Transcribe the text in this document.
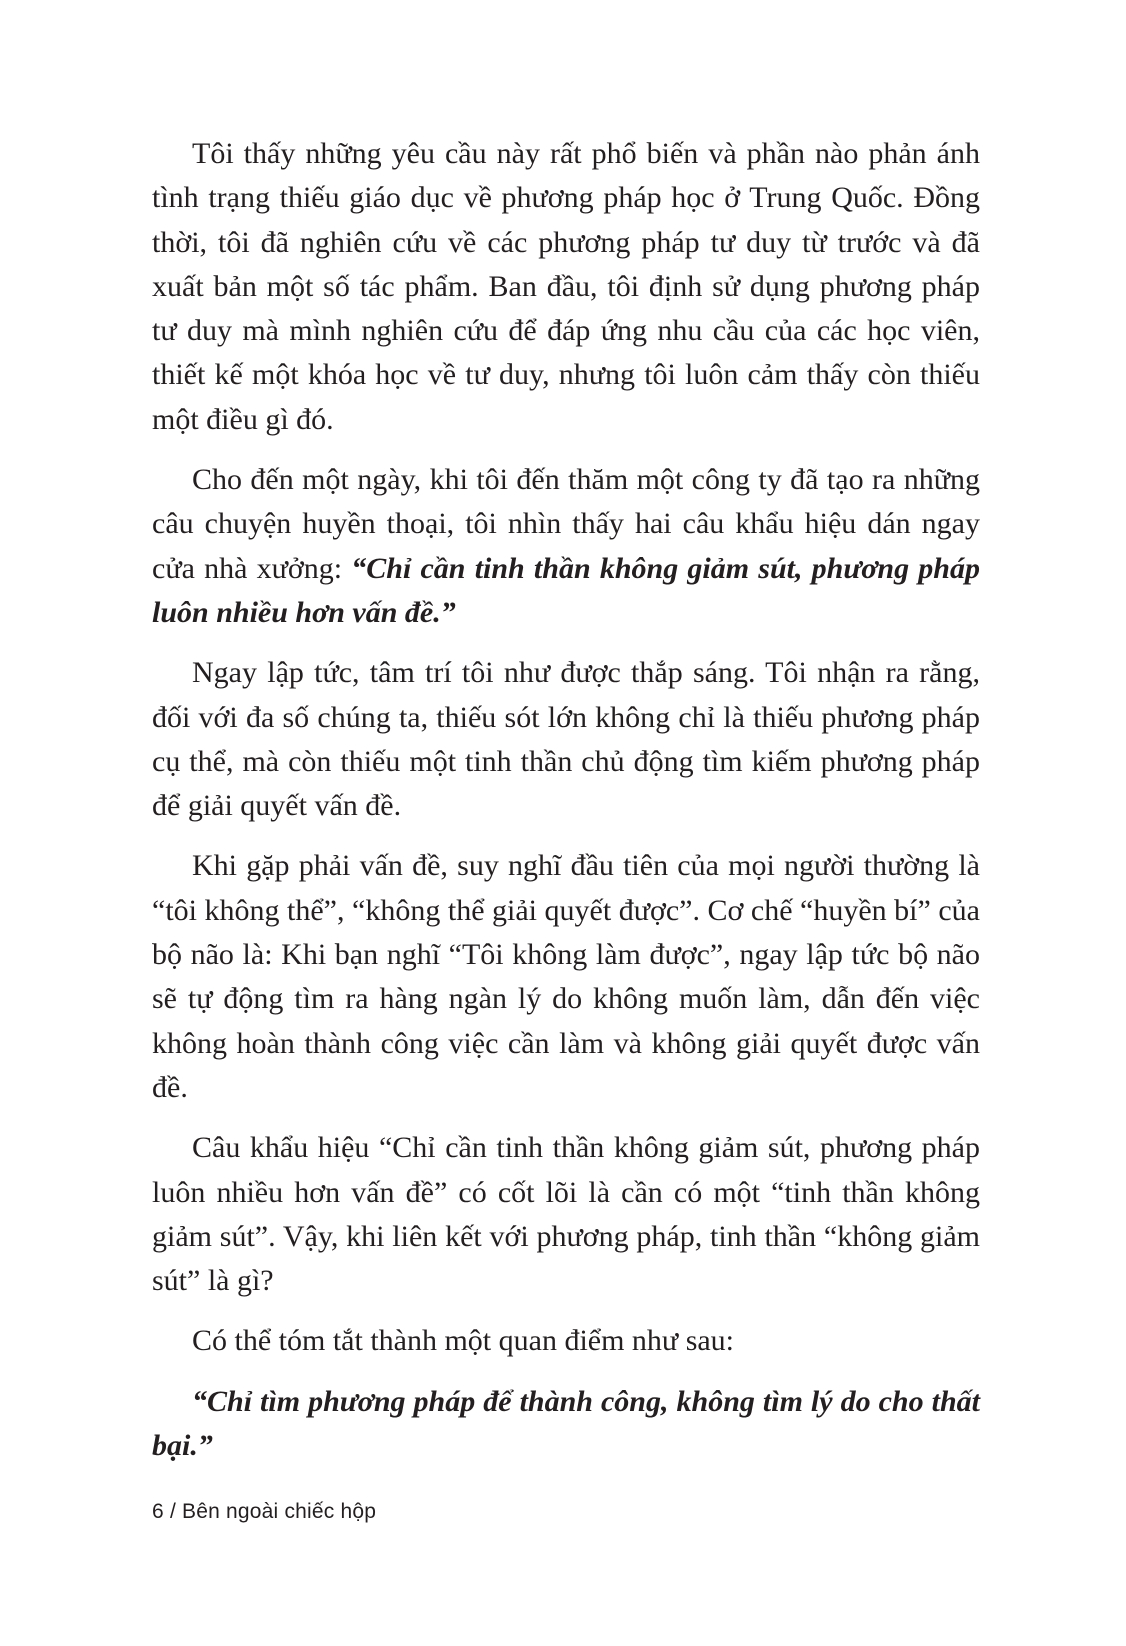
Tôi thấy những yêu cầu này rất phổ biến và phần nào phản ánh tình trạng thiếu giáo dục về phương pháp học ở Trung Quốc. Đồng thời, tôi đã nghiên cứu về các phương pháp tư duy từ trước và đã xuất bản một số tác phẩm. Ban đầu, tôi định sử dụng phương pháp tư duy mà mình nghiên cứu để đáp ứng nhu cầu của các học viên, thiết kế một khóa học về tư duy, nhưng tôi luôn cảm thấy còn thiếu một điều gì đó.

Cho đến một ngày, khi tôi đến thăm một công ty đã tạo ra những câu chuyện huyền thoại, tôi nhìn thấy hai câu khẩu hiệu dán ngay cửa nhà xưởng: “Chỉ cần tinh thần không giảm sút, phương pháp luôn nhiều hơn vấn đề.”

Ngay lập tức, tâm trí tôi như được thắp sáng. Tôi nhận ra rằng, đối với đa số chúng ta, thiếu sót lớn không chỉ là thiếu phương pháp cụ thể, mà còn thiếu một tinh thần chủ động tìm kiếm phương pháp để giải quyết vấn đề.

Khi gặp phải vấn đề, suy nghĩ đầu tiên của mọi người thường là “tôi không thể”, “không thể giải quyết được”. Cơ chế “huyền bí” của bộ não là: Khi bạn nghĩ “Tôi không làm được”, ngay lập tức bộ não sẽ tự động tìm ra hàng ngàn lý do không muốn làm, dẫn đến việc không hoàn thành công việc cần làm và không giải quyết được vấn đề.

Câu khẩu hiệu “Chỉ cần tinh thần không giảm sút, phương pháp luôn nhiều hơn vấn đề” có cốt lõi là cần có một “tinh thần không giảm sút”. Vậy, khi liên kết với phương pháp, tinh thần “không giảm sút” là gì?

Có thể tóm tắt thành một quan điểm như sau:

“Chỉ tìm phương pháp để thành công, không tìm lý do cho thất bại.”

6 / Bên ngoài chiếc hộp
